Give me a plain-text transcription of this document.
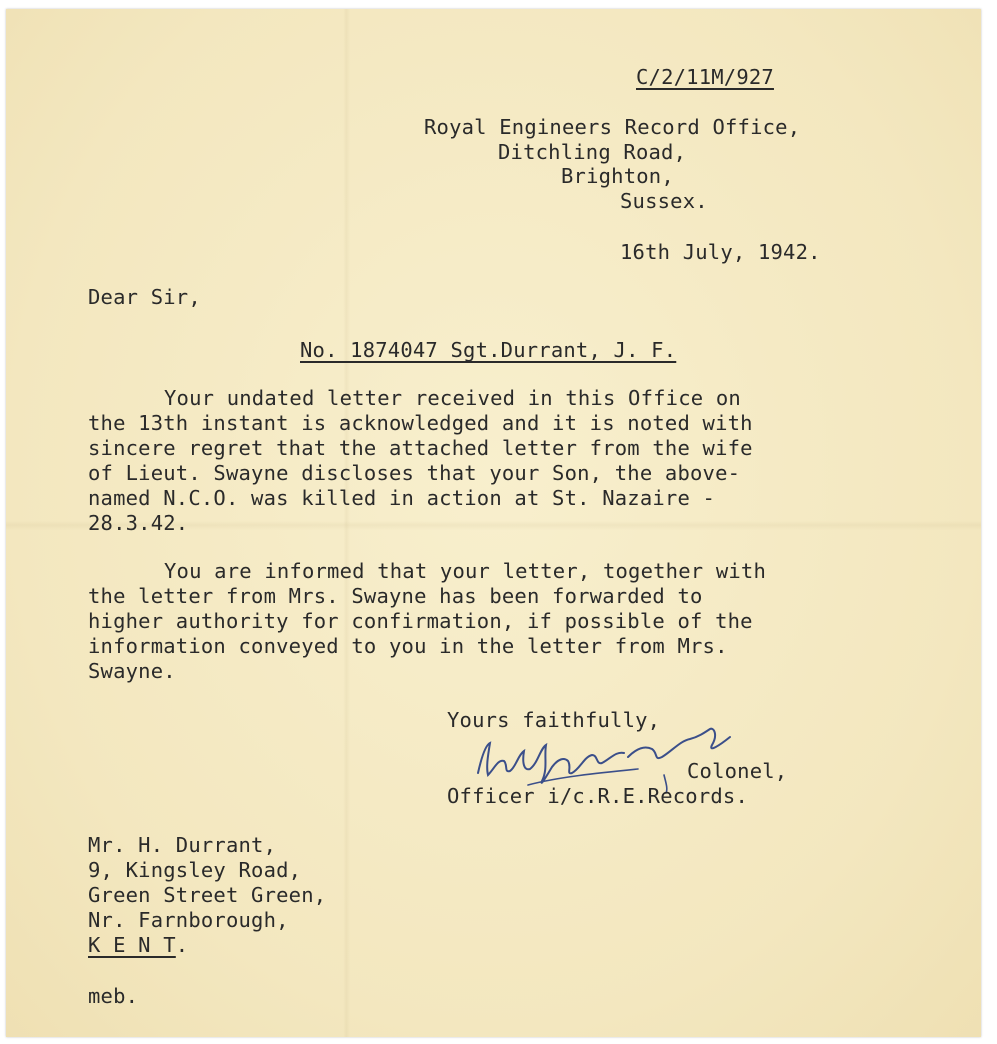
C/2/11M/927
Royal Engineers Record Office,
Ditchling Road,
Brighton,
Sussex.
16th July, 1942.
Dear Sir,
No. 1874047 Sgt.Durrant, J. F.
Your undated letter received in this Office on
the 13th instant is acknowledged and it is noted with
sincere regret that the attached letter from the wife
of Lieut. Swayne discloses that your Son, the above-
named N.C.O. was killed in action at St. Nazaire -
28.3.42.
You are informed that your letter, together with
the letter from Mrs. Swayne has been forwarded to
higher authority for confirmation, if possible of the
information conveyed to you in the letter from Mrs.
Swayne.
Yours faithfully,
Colonel,
Officer i/c.R.E.Records.
Mr. H. Durrant,
9, Kingsley Road,
Green Street Green,
Nr. Farnborough,
K E N T.
meb.
